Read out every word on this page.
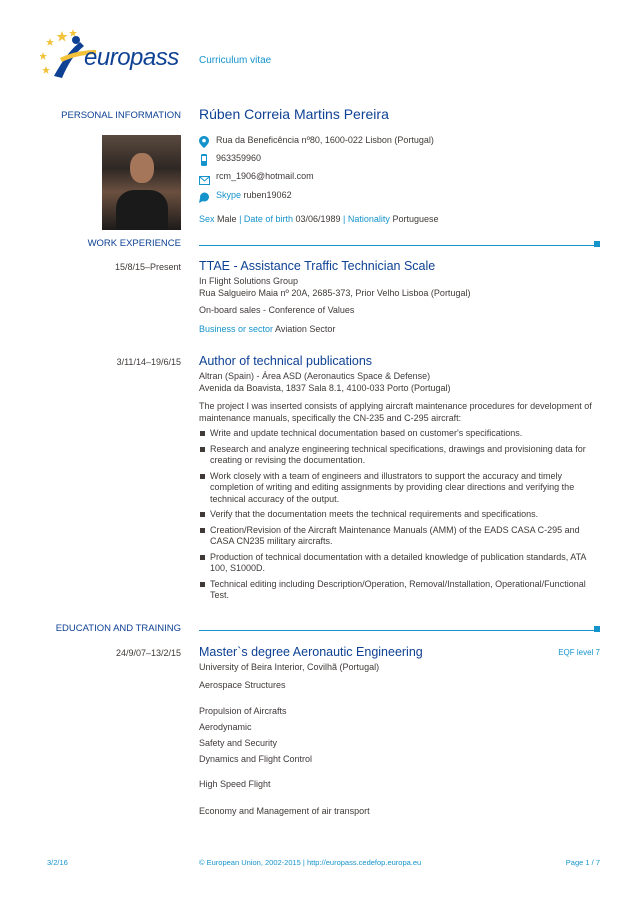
europass Curriculum vitae
PERSONAL INFORMATION Rúben Correia Martins Pereira
Rua da Beneficência nº80, 1600-022 Lisbon (Portugal)
963359960
rcm_1906@hotmail.com
Skype ruben19062
Sex Male | Date of birth 03/06/1989 | Nationality Portuguese
WORK EXPERIENCE
15/8/15–Present TTAE - Assistance Traffic Technician Scale
In Flight Solutions Group
Rua Salgueiro Maia nº 20A, 2685-373, Prior Velho Lisboa (Portugal)
On-board sales - Conference of Values
Business or sector Aviation Sector
3/11/14–19/6/15 Author of technical publications
Altran (Spain) - Área ASD (Aeronautics Space & Defense)
Avenida da Boavista, 1837 Sala 8.1, 4100-033 Porto (Portugal)
The project I was inserted consists of applying aircraft maintenance procedures for development of maintenance manuals, specifically the CN-235 and C-295 aircraft:
Write and update technical documentation based on customer's specifications.
Research and analyze engineering technical specifications, drawings and provisioning data for creating or revising the documentation.
Work closely with a team of engineers and illustrators to support the accuracy and timely completion of writing and editing assignments by providing clear directions and verifying the technical accuracy of the output.
Verify that the documentation meets the technical requirements and specifications.
Creation/Revision of the Aircraft Maintenance Manuals (AMM) of the EADS CASA C-295 and CASA CN235 military aircrafts.
Production of technical documentation with a detailed knowledge of publication standards, ATA 100, S1000D.
Technical editing including Description/Operation, Removal/Installation, Operational/Functional Test.
EDUCATION AND TRAINING
24/9/07–13/2/15 Master`s degree Aeronautic Engineering	EQF level 7
University of Beira Interior, Covilhã (Portugal)
Aerospace Structures
Propulsion of Aircrafts
Aerodynamic
Safety and Security
Dynamics and Flight Control
High Speed Flight
Economy and Management of air transport
3/2/16	© European Union, 2002-2015 | http://europass.cedefop.europa.eu	Page 1 / 7
